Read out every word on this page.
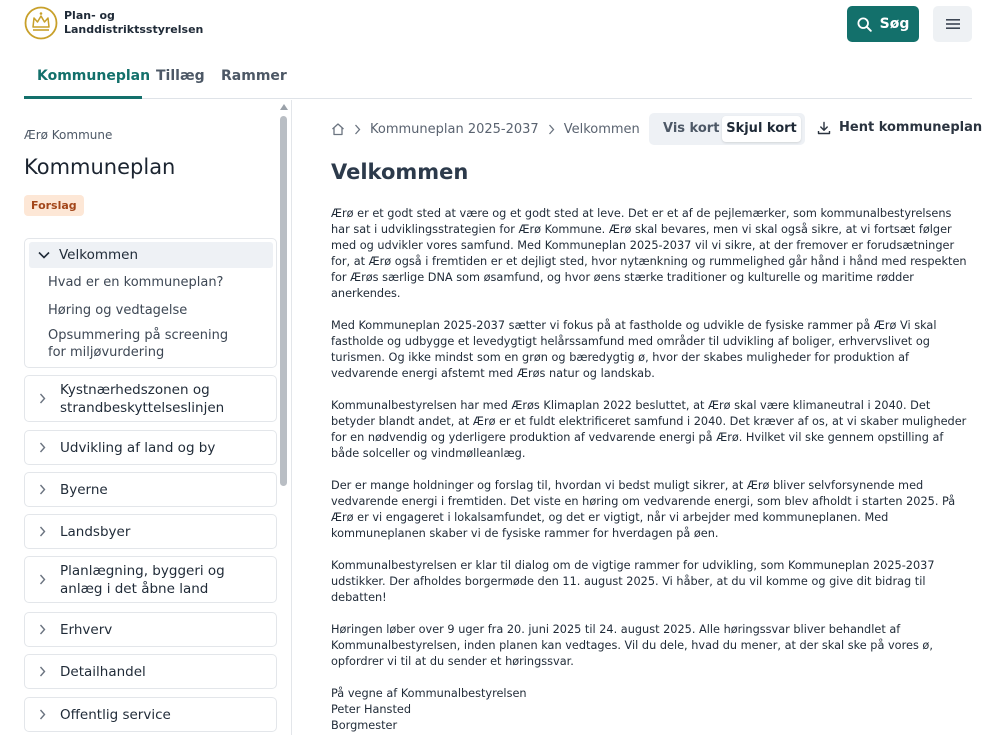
Plan- og
Landdistriktsstyrelsen	Søg
Kommuneplan Tillæg Rammer
Ærø Kommune
Kommuneplan
Forslag
Velkommen
Hvad er en kommuneplan?
Høring og vedtagelse
Opsummering på screening for miljøvurdering
Kystnærhedszonen og strandbeskyttelseslinjen
Udvikling af land og by
Byerne
Landsbyer
Planlægning, byggeri og anlæg i det åbne land
Erhverv
Detailhandel
Offentlig service
Kommuneplan 2025-2037 Velkommen Vis kort Skjul kort	Hent kommuneplan
Velkommen

Ærø er et godt sted at være og et godt sted at leve. Det er et af de pejlemærker, som kommunalbestyrelsens har sat i udviklingsstrategien for Ærø Kommune. Ærø skal bevares, men vi skal også sikre, at vi fortsæt følger med og udvikler vores samfund. Med Kommuneplan 2025-2037 vil vi sikre, at der fremover er forudsætninger for, at Ærø også i fremtiden er et dejligt sted, hvor nytænkning og rummelighed går hånd i hånd med respekten for Ærøs særlige DNA som øsamfund, og hvor øens stærke traditioner og kulturelle og maritime rødder anerkendes.

Med Kommuneplan 2025-2037 sætter vi fokus på at fastholde og udvikle de fysiske rammer på Ærø Vi skal fastholde og udbygge et levedygtigt helårssamfund med områder til udvikling af boliger, erhvervslivet og turismen. Og ikke mindst som en grøn og bæredygtig ø, hvor der skabes muligheder for produktion af vedvarende energi afstemt med Ærøs natur og landskab.

Kommunalbestyrelsen har med Ærøs Klimaplan 2022 besluttet, at Ærø skal være klimaneutral i 2040. Det betyder blandt andet, at Ærø er et fuldt elektrificeret samfund i 2040. Det kræver af os, at vi skaber muligheder for en nødvendig og yderligere produktion af vedvarende energi på Ærø. Hvilket vil ske gennem opstilling af både solceller og vindmølleanlæg.

Der er mange holdninger og forslag til, hvordan vi bedst muligt sikrer, at Ærø bliver selvforsynende med vedvarende energi i fremtiden. Det viste en høring om vedvarende energi, som blev afholdt i starten 2025. På Ærø er vi engageret i lokalsamfundet, og det er vigtigt, når vi arbejder med kommuneplanen. Med kommuneplanen skaber vi de fysiske rammer for hverdagen på øen.

Kommunalbestyrelsen er klar til dialog om de vigtige rammer for udvikling, som Kommuneplan 2025-2037 udstikker. Der afholdes borgermøde den 11. august 2025. Vi håber, at du vil komme og give dit bidrag til debatten!

Høringen løber over 9 uger fra 20. juni 2025 til 24. august 2025. Alle høringssvar bliver behandlet af Kommunalbestyrelsen, inden planen kan vedtages. Vil du dele, hvad du mener, at der skal ske på vores ø, opfordrer vi til at du sender et høringssvar.

På vegne af Kommunalbestyrelsen
Peter Hansted
Borgmester
